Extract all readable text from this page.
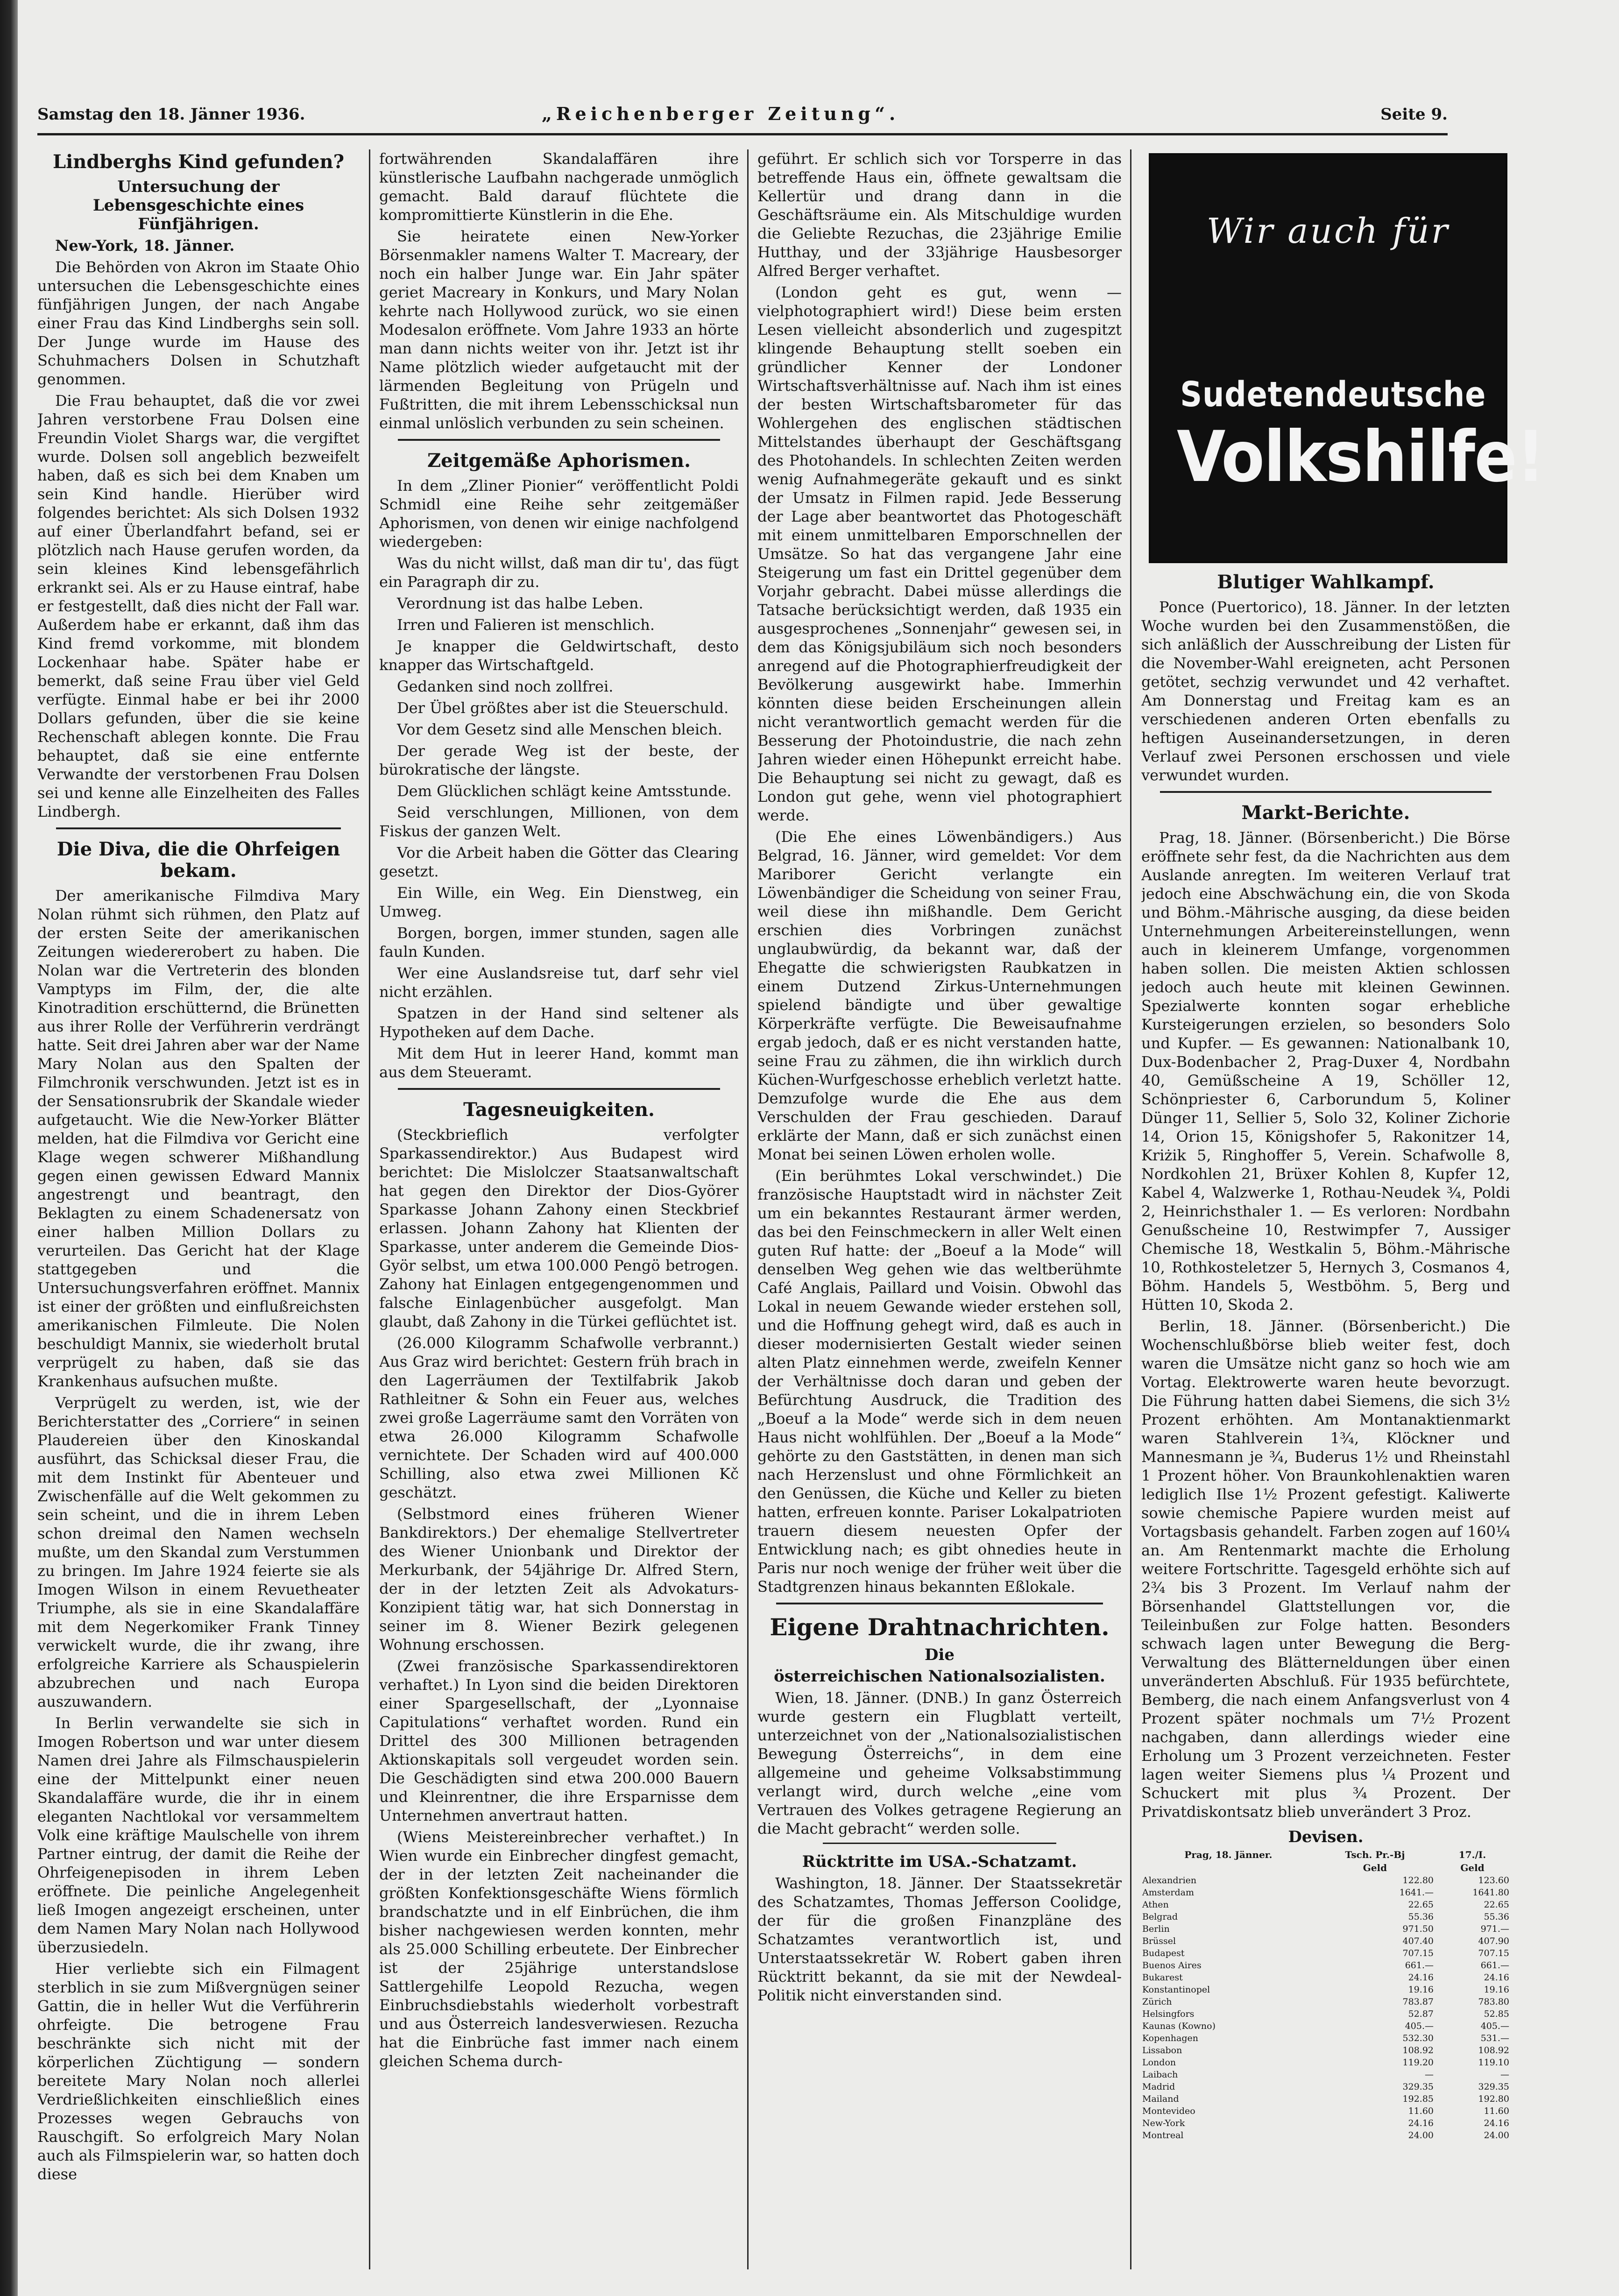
Samstag den 18. Jänner 1936.	„Reichenberger Zeitung“.	Seite 9.
Lindberghs Kind gefunden?
Untersuchung der Lebensgeschichte eines Fünfjährigen.

New-York, 18. Jänner.

Die Behörden von Akron im Staate Ohio untersuchen die Lebensgeschichte eines fünfjährigen Jungen, der nach Angabe einer Frau das Kind Lindberghs sein soll. Der Junge wurde im Hause des Schuhmachers Dolsen in Schutzhaft genommen.

Die Frau behauptet, daß die vor zwei Jahren verstorbene Frau Dolsen eine Freundin Violet Shargs war, die vergiftet wurde. Dolsen soll angeblich bezweifelt haben, daß es sich bei dem Knaben um sein Kind handle. Hierüber wird folgendes berichtet: Als sich Dolsen 1932 auf einer Überlandfahrt befand, sei er plötzlich nach Hause gerufen worden, da sein kleines Kind lebensgefährlich erkrankt sei. Als er zu Hause eintraf, habe er festgestellt, daß dies nicht der Fall war. Außerdem habe er erkannt, daß ihm das Kind fremd vorkomme, mit blondem Lockenhaar habe. Später habe er bemerkt, daß seine Frau über viel Geld verfügte. Einmal habe er bei ihr 2000 Dollars gefunden, über die sie keine Rechenschaft ablegen konnte. Die Frau behauptet, daß sie eine entfernte Verwandte der verstorbenen Frau Dolsen sei und kenne alle Einzelheiten des Falles Lindbergh.

Die Diva, die die Ohrfeigen bekam.

Der amerikanische Filmdiva Mary Nolan rühmt sich rühmen, den Platz auf der ersten Seite der amerikanischen Zeitungen wiedererobert zu haben. Die Nolan war die Vertreterin des blonden Vamptyps im Film, der, die alte Kinotradition erschütternd, die Brünetten aus ihrer Rolle der Verführerin verdrängt hatte. Seit drei Jahren aber war der Name Mary Nolan aus den Spalten der Filmchronik verschwunden. Jetzt ist es in der Sensationsrubrik der Skandale wieder aufgetaucht. Wie die New-Yorker Blätter melden, hat die Filmdiva vor Gericht eine Klage wegen schwerer Mißhandlung gegen einen gewissen Edward Mannix angestrengt und beantragt, den Beklagten zu einem Schadenersatz von einer halben Million Dollars zu verurteilen. Das Gericht hat der Klage stattgegeben und die Untersuchungsverfahren eröffnet. Mannix ist einer der größten und einflußreichsten amerikanischen Filmleute. Die Nolen beschuldigt Mannix, sie wiederholt brutal verprügelt zu haben, daß sie das Krankenhaus aufsuchen mußte.

Verprügelt zu werden, ist, wie der Berichterstatter des „Corriere“ in seinen Plaudereien über den Kinoskandal ausführt, das Schicksal dieser Frau, die mit dem Instinkt für Abenteuer und Zwischenfälle auf die Welt gekommen zu sein scheint, und die in ihrem Leben schon dreimal den Namen wechseln mußte, um den Skandal zum Verstummen zu bringen. Im Jahre 1924 feierte sie als Imogen Wilson in einem Revuetheater Triumphe, als sie in eine Skandalaffäre mit dem Negerkomiker Frank Tinney verwickelt wurde, die ihr zwang, ihre erfolgreiche Karriere als Schauspielerin abzubrechen und nach Europa auszuwandern.

In Berlin verwandelte sie sich in Imogen Robertson und war unter diesem Namen drei Jahre als Filmschauspielerin eine der Mittelpunkt einer neuen Skandalaffäre wurde, die ihr in einem eleganten Nachtlokal vor versammeltem Volk eine kräftige Maulschelle von ihrem Partner eintrug, der damit die Reihe der Ohrfeigenepisoden in ihrem Leben eröffnete. Die peinliche Angelegenheit ließ Imogen angezeigt erscheinen, unter dem Namen Mary Nolan nach Hollywood überzusiedeln.

Hier verliebte sich ein Filmagent sterblich in sie zum Mißvergnügen seiner Gattin, die in heller Wut die Verführerin ohrfeigte. Die betrogene Frau beschränkte sich nicht mit der körperlichen Züchtigung — sondern bereitete Mary Nolan noch allerlei Verdrießlichkeiten einschließlich eines Prozesses wegen Gebrauchs von Rauschgift. So erfolgreich Mary Nolan auch als Filmspielerin war, so hatten doch diese

fortwährenden Skandalaffären ihre künstlerische Laufbahn nachgerade unmöglich gemacht. Bald darauf flüchtete die kompromittierte Künstlerin in die Ehe.

Sie heiratete einen New-Yorker Börsenmakler namens Walter T. Macreary, der noch ein halber Junge war. Ein Jahr später geriet Macreary in Konkurs, und Mary Nolan kehrte nach Hollywood zurück, wo sie einen Modesalon eröffnete. Vom Jahre 1933 an hörte man dann nichts weiter von ihr. Jetzt ist ihr Name plötzlich wieder aufgetaucht mit der lärmenden Begleitung von Prügeln und Fußtritten, die mit ihrem Lebensschicksal nun einmal unlöslich verbunden zu sein scheinen.

Zeitgemäße Aphorismen.

In dem „Zliner Pionier“ veröffentlicht Poldi Schmidl eine Reihe sehr zeitgemäßer Aphorismen, von denen wir einige nachfolgend wiedergeben:

Was du nicht willst, daß man dir tu', das fügt ein Paragraph dir zu.

Verordnung ist das halbe Leben.

Irren und Falieren ist menschlich.

Je knapper die Geldwirtschaft, desto knapper das Wirtschaftgeld.

Gedanken sind noch zollfrei.

Der Übel größtes aber ist die Steuerschuld.

Vor dem Gesetz sind alle Menschen bleich.

Der gerade Weg ist der beste, der bürokratische der längste.

Dem Glücklichen schlägt keine Amtsstunde.

Seid verschlungen, Millionen, von dem Fiskus der ganzen Welt.

Vor die Arbeit haben die Götter das Clearing gesetzt.

Ein Wille, ein Weg. Ein Dienstweg, ein Umweg.

Borgen, borgen, immer stunden, sagen alle fauln Kunden.

Wer eine Auslandsreise tut, darf sehr viel nicht erzählen.

Spatzen in der Hand sind seltener als Hypotheken auf dem Dache.

Mit dem Hut in leerer Hand, kommt man aus dem Steueramt.

Tagesneuigkeiten.

(Steckbrieflich verfolgter Sparkassendirektor.) Aus Budapest wird berichtet: Die Mislolczer Staatsanwaltschaft hat gegen den Direktor der Dios-Györer Sparkasse Johann Zahony einen Steckbrief erlassen. Johann Zahony hat Klienten der Sparkasse, unter anderem die Gemeinde Dios-Györ selbst, um etwa 100.000 Pengö betrogen. Zahony hat Einlagen entgegengenommen und falsche Einlagenbücher ausgefolgt. Man glaubt, daß Zahony in die Türkei geflüchtet ist.

(26.000 Kilogramm Schafwolle verbrannt.) Aus Graz wird berichtet: Gestern früh brach in den Lagerräumen der Textilfabrik Jakob Rathleitner & Sohn ein Feuer aus, welches zwei große Lagerräume samt den Vorräten von etwa 26.000 Kilogramm Schafwolle vernichtete. Der Schaden wird auf 400.000 Schilling, also etwa zwei Millionen Kč geschätzt.

(Selbstmord eines früheren Wiener Bankdirektors.) Der ehemalige Stellvertreter des Wiener Unionbank und Direktor der Merkurbank, der 54jährige Dr. Alfred Stern, der in der letzten Zeit als Advokaturs-Konzipient tätig war, hat sich Donnerstag in seiner im 8. Wiener Bezirk gelegenen Wohnung erschossen.

(Zwei französische Sparkassendirektoren verhaftet.) In Lyon sind die beiden Direktoren einer Spargesellschaft, der „Lyonnaise Capitulations“ verhaftet worden. Rund ein Drittel des 300 Millionen betragenden Aktionskapitals soll vergeudet worden sein. Die Geschädigten sind etwa 200.000 Bauern und Kleinrentner, die ihre Ersparnisse dem Unternehmen anvertraut hatten.

(Wiens Meistereinbrecher verhaftet.) In Wien wurde ein Einbrecher dingfest gemacht, der in der letzten Zeit nacheinander die größten Konfektionsgeschäfte Wiens förmlich brandschatzte und in elf Einbrüchen, die ihm bisher nachgewiesen werden konnten, mehr als 25.000 Schilling erbeutete. Der Einbrecher ist der 25jährige unterstandslose Sattlergehilfe Leopold Rezucha, wegen Einbruchsdiebstahls wiederholt vorbestraft und aus Österreich landesverwiesen. Rezucha hat die Einbrüche fast immer nach einem gleichen Schema durch-

geführt. Er schlich sich vor Torsperre in das betreffende Haus ein, öffnete gewaltsam die Kellertür und drang dann in die Geschäftsräume ein. Als Mitschuldige wurden die Geliebte Rezuchas, die 23jährige Emilie Hutthay, und der 33jährige Hausbesorger Alfred Berger verhaftet.

(London geht es gut, wenn — vielphotographiert wird!) Diese beim ersten Lesen vielleicht absonderlich und zugespitzt klingende Behauptung stellt soeben ein gründlicher Kenner der Londoner Wirtschaftsverhältnisse auf. Nach ihm ist eines der besten Wirtschaftsbarometer für das Wohlergehen des englischen städtischen Mittelstandes überhaupt der Geschäftsgang des Photohandels. In schlechten Zeiten werden wenig Aufnahmegeräte gekauft und es sinkt der Umsatz in Filmen rapid. Jede Besserung der Lage aber beantwortet das Photogeschäft mit einem unmittelbaren Emporschnellen der Umsätze. So hat das vergangene Jahr eine Steigerung um fast ein Drittel gegenüber dem Vorjahr gebracht. Dabei müsse allerdings die Tatsache berücksichtigt werden, daß 1935 ein ausgesprochenes „Sonnenjahr“ gewesen sei, in dem das Königsjubiläum sich noch besonders anregend auf die Photographierfreudigkeit der Bevölkerung ausgewirkt habe. Immerhin könnten diese beiden Erscheinungen allein nicht verantwortlich gemacht werden für die Besserung der Photoindustrie, die nach zehn Jahren wieder einen Höhepunkt erreicht habe. Die Behauptung sei nicht zu gewagt, daß es London gut gehe, wenn viel photographiert werde.

(Die Ehe eines Löwenbändigers.) Aus Belgrad, 16. Jänner, wird gemeldet: Vor dem Mariborer Gericht verlangte ein Löwenbändiger die Scheidung von seiner Frau, weil diese ihn mißhandle. Dem Gericht erschien dies Vorbringen zunächst unglaubwürdig, da bekannt war, daß der Ehegatte die schwierigsten Raubkatzen in einem Dutzend Zirkus-Unternehmungen spielend bändigte und über gewaltige Körperkräfte verfügte. Die Beweisaufnahme ergab jedoch, daß er es nicht verstanden hatte, seine Frau zu zähmen, die ihn wirklich durch Küchen-Wurfgeschosse erheblich verletzt hatte. Demzufolge wurde die Ehe aus dem Verschulden der Frau geschieden. Darauf erklärte der Mann, daß er sich zunächst einen Monat bei seinen Löwen erholen wolle.

(Ein berühmtes Lokal verschwindet.) Die französische Hauptstadt wird in nächster Zeit um ein bekanntes Restaurant ärmer werden, das bei den Feinschmeckern in aller Welt einen guten Ruf hatte: der „Boeuf a la Mode“ will denselben Weg gehen wie das weltberühmte Café Anglais, Paillard und Voisin. Obwohl das Lokal in neuem Gewande wieder erstehen soll, und die Hoffnung gehegt wird, daß es auch in dieser modernisierten Gestalt wieder seinen alten Platz einnehmen werde, zweifeln Kenner der Verhältnisse doch daran und geben der Befürchtung Ausdruck, die Tradition des „Boeuf a la Mode“ werde sich in dem neuen Haus nicht wohlfühlen. Der „Boeuf a la Mode“ gehörte zu den Gaststätten, in denen man sich nach Herzenslust und ohne Förmlichkeit an den Genüssen, die Küche und Keller zu bieten hatten, erfreuen konnte. Pariser Lokalpatrioten trauern diesem neuesten Opfer der Entwicklung nach; es gibt ohnedies heute in Paris nur noch wenige der früher weit über die Stadtgrenzen hinaus bekannten Eßlokale.

Eigene Drahtnachrichten.
Die
österreichischen Nationalsozialisten.

Wien, 18. Jänner. (DNB.) In ganz Österreich wurde gestern ein Flugblatt verteilt, unterzeichnet von der „Nationalsozialistischen Bewegung Österreichs“, in dem eine allgemeine und geheime Volksabstimmung verlangt wird, durch welche „eine vom Vertrauen des Volkes getragene Regierung an die Macht gebracht“ werden solle.

Rücktritte im USA.-Schatzamt.

Washington, 18. Jänner. Der Staatssekretär des Schatzamtes, Thomas Jefferson Coolidge, der für die großen Finanzpläne des Schatzamtes verantwortlich ist, und Unterstaatssekretär W. Robert gaben ihren Rücktritt bekannt, da sie mit der Newdeal-Politik nicht einverstanden sind.

Wir auch für
Sudetendeutsche
Volkshilfe!
Blutiger Wahlkampf.

Ponce (Puertorico), 18. Jänner. In der letzten Woche wurden bei den Zusammenstößen, die sich anläßlich der Ausschreibung der Listen für die November-Wahl ereigneten, acht Personen getötet, sechzig verwundet und 42 verhaftet. Am Donnerstag und Freitag kam es an verschiedenen anderen Orten ebenfalls zu heftigen Auseinandersetzungen, in deren Verlauf zwei Personen erschossen und viele verwundet wurden.

Markt-Berichte.

Prag, 18. Jänner. (Börsenbericht.) Die Börse eröffnete sehr fest, da die Nachrichten aus dem Auslande anregten. Im weiteren Verlauf trat jedoch eine Abschwächung ein, die von Skoda und Böhm.-Mährische ausging, da diese beiden Unternehmungen Arbeitereinstellungen, wenn auch in kleinerem Umfange, vorgenommen haben sollen. Die meisten Aktien schlossen jedoch auch heute mit kleinen Gewinnen. Spezialwerte konnten sogar erhebliche Kursteigerungen erzielen, so besonders Solo und Kupfer. — Es gewannen: Nationalbank 10, Dux-Bodenbacher 2, Prag-Duxer 4, Nordbahn 40, Gemüßscheine A 19, Schöller 12, Schönpriester 6, Carborundum 5, Koliner Dünger 11, Sellier 5, Solo 32, Koliner Zichorie 14, Orion 15, Königshofer 5, Rakonitzer 14, Kriżik 5, Ringhoffer 5, Verein. Schafwolle 8, Nordkohlen 21, Brüxer Kohlen 8, Kupfer 12, Kabel 4, Walzwerke 1, Rothau-Neudek ¾, Poldi 2, Heinrichsthaler 1. — Es verloren: Nordbahn Genußscheine 10, Restwimpfer 7, Aussiger Chemische 18, Westkalin 5, Böhm.-Mährische 10, Rothkosteletzer 5, Hernych 3, Cosmanos 4, Böhm. Handels 5, Westböhm. 5, Berg und Hütten 10, Skoda 2.

Berlin, 18. Jänner. (Börsenbericht.) Die Wochenschlußbörse blieb weiter fest, doch waren die Umsätze nicht ganz so hoch wie am Vortag. Elektrowerte waren heute bevorzugt. Die Führung hatten dabei Siemens, die sich 3½ Prozent erhöhten. Am Montanaktienmarkt waren Stahlverein 1¾, Klöckner und Mannesmann je ¾, Buderus 1½ und Rheinstahl 1 Prozent höher. Von Braunkohlenaktien waren lediglich Ilse 1½ Prozent gefestigt. Kaliwerte sowie chemische Papiere wurden meist auf Vortagsbasis gehandelt. Farben zogen auf 160¼ an. Am Rentenmarkt machte die Erholung weitere Fortschritte. Tagesgeld erhöhte sich auf 2¾ bis 3 Prozent. Im Verlauf nahm der Börsenhandel Glattstellungen vor, die Teileinbußen zur Folge hatten. Besonders schwach lagen unter Bewegung die Berg-Verwaltung des Blätterneldungen über einen unveränderten Abschluß. Für 1935 befürchtete, Bemberg, die nach einem Anfangsverlust von 4 Prozent später nochmals um 7½ Prozent nachgaben, dann allerdings wieder eine Erholung um 3 Prozent verzeichneten. Fester lagen weiter Siemens plus ¼ Prozent und Schuckert mit plus ¾ Prozent. Der Privatdiskontsatz blieb unverändert 3 Proz.

Devisen.
Prag, 18. Jänner.	Tsch. Pr.-Bj	17./I.
	Geld	Geld
Alexandrien	122.80	123.60
Amsterdam	1641.—	1641.80
Athen	22.65	22.65
Belgrad	55.36	55.36
Berlin	971.50	971.—
Brüssel	407.40	407.90
Budapest	707.15	707.15
Buenos Aires	661.—	661.—
Bukarest	24.16	24.16
Konstantinopel	19.16	19.16
Zürich	783.87	783.80
Helsingfors	52.87	52.85
Kaunas (Kowno)	405.—	405.—
Kopenhagen	532.30	531.—
Lissabon	108.92	108.92
London	119.20	119.10
Laibach	—	—
Madrid	329.35	329.35
Mailand	192.85	192.80
Montevideo	11.60	11.60
New-York	24.16	24.16
Montreal	24.00	24.00
